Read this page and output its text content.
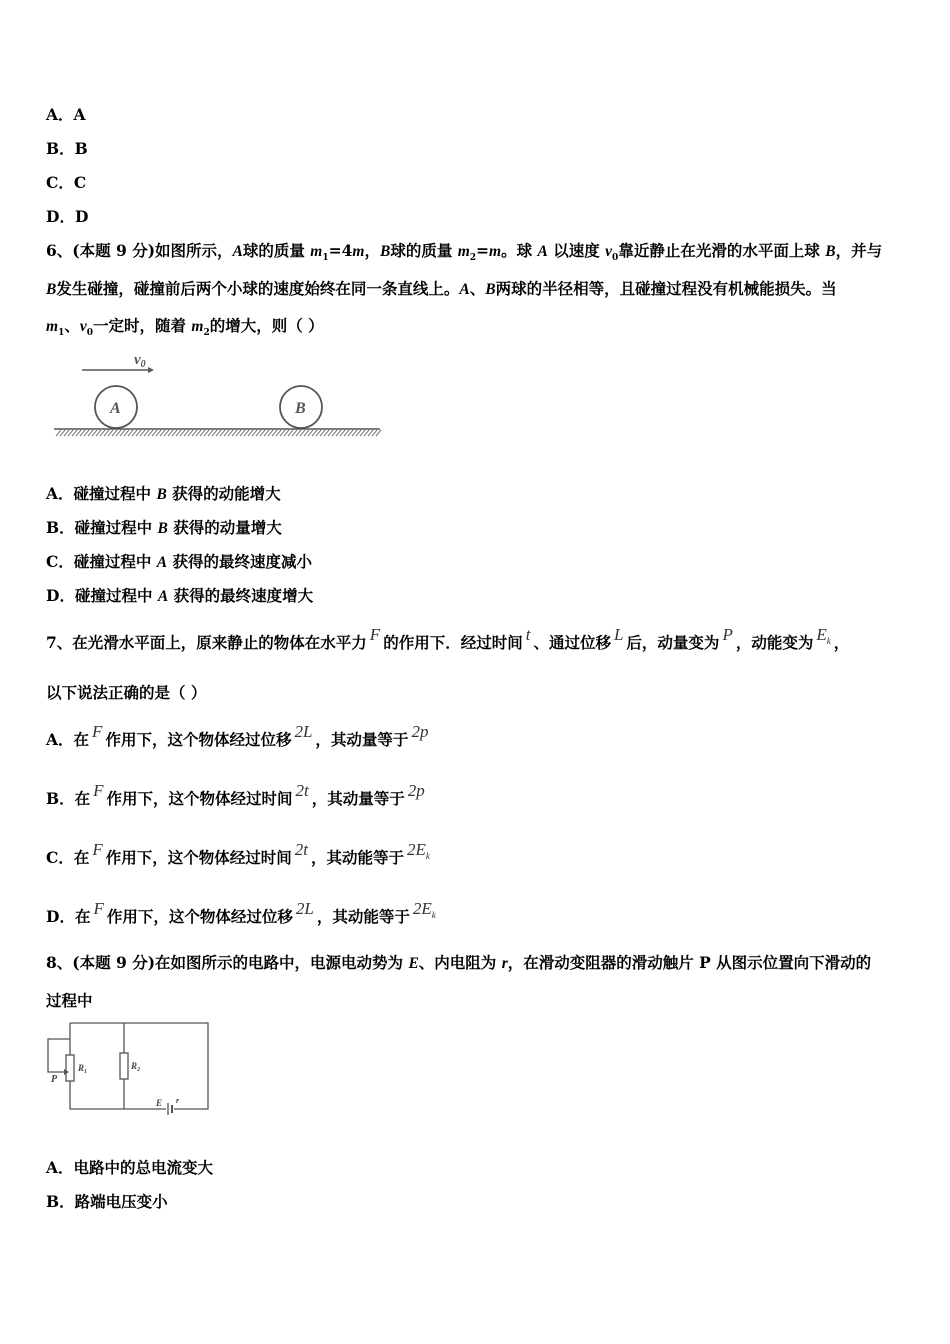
A．A
B．B
C．C
D．D
6、(本题 9 分)如图所示，A球的质量 $m_1=4m$，B球的质量 $m_2=m$。球 A 以速度 $v_0$靠近静止在光滑的水平面上球 B，并与
B发生碰撞，碰撞前后两个小球的速度始终在同一条直线上。A、B两球的半径相等，且碰撞过程没有机械能损失。当
$m_1$、$v_0$一定时，随着 $m_2$的增大，则（ ）
$v_0$
A	B
A．碰撞过程中 B 获得的动能增大
B．碰撞过程中 B 获得的动量增大
C．碰撞过程中 A 获得的最终速度减小
D．碰撞过程中 A 获得的最终速度增大
7、在光滑水平面上，原来静止的物体在水平力 F 的作用下．经过时间 t 、通过位移 L 后，动量变为 P ，动能变为 $E_k$ ，
以下说法正确的是（ ）
A．在 F 作用下，这个物体经过位移 2L ，其动量等于 2p
B．在 F 作用下，这个物体经过时间 2t ，其动量等于 2p
C．在 F 作用下，这个物体经过时间 2t ，其动能等于 $2E_k$
D．在 F 作用下，这个物体经过位移 2L ，其动能等于 $2E_k$
8、(本题 9 分)在如图所示的电路中，电源电动势为 E、内电阻为 r，在滑动变阻器的滑动触片 P 从图示位置向下滑动的
过程中
P
$R_1$
$R_2$
E r
A．电路中的总电流变大
B．路端电压变小
